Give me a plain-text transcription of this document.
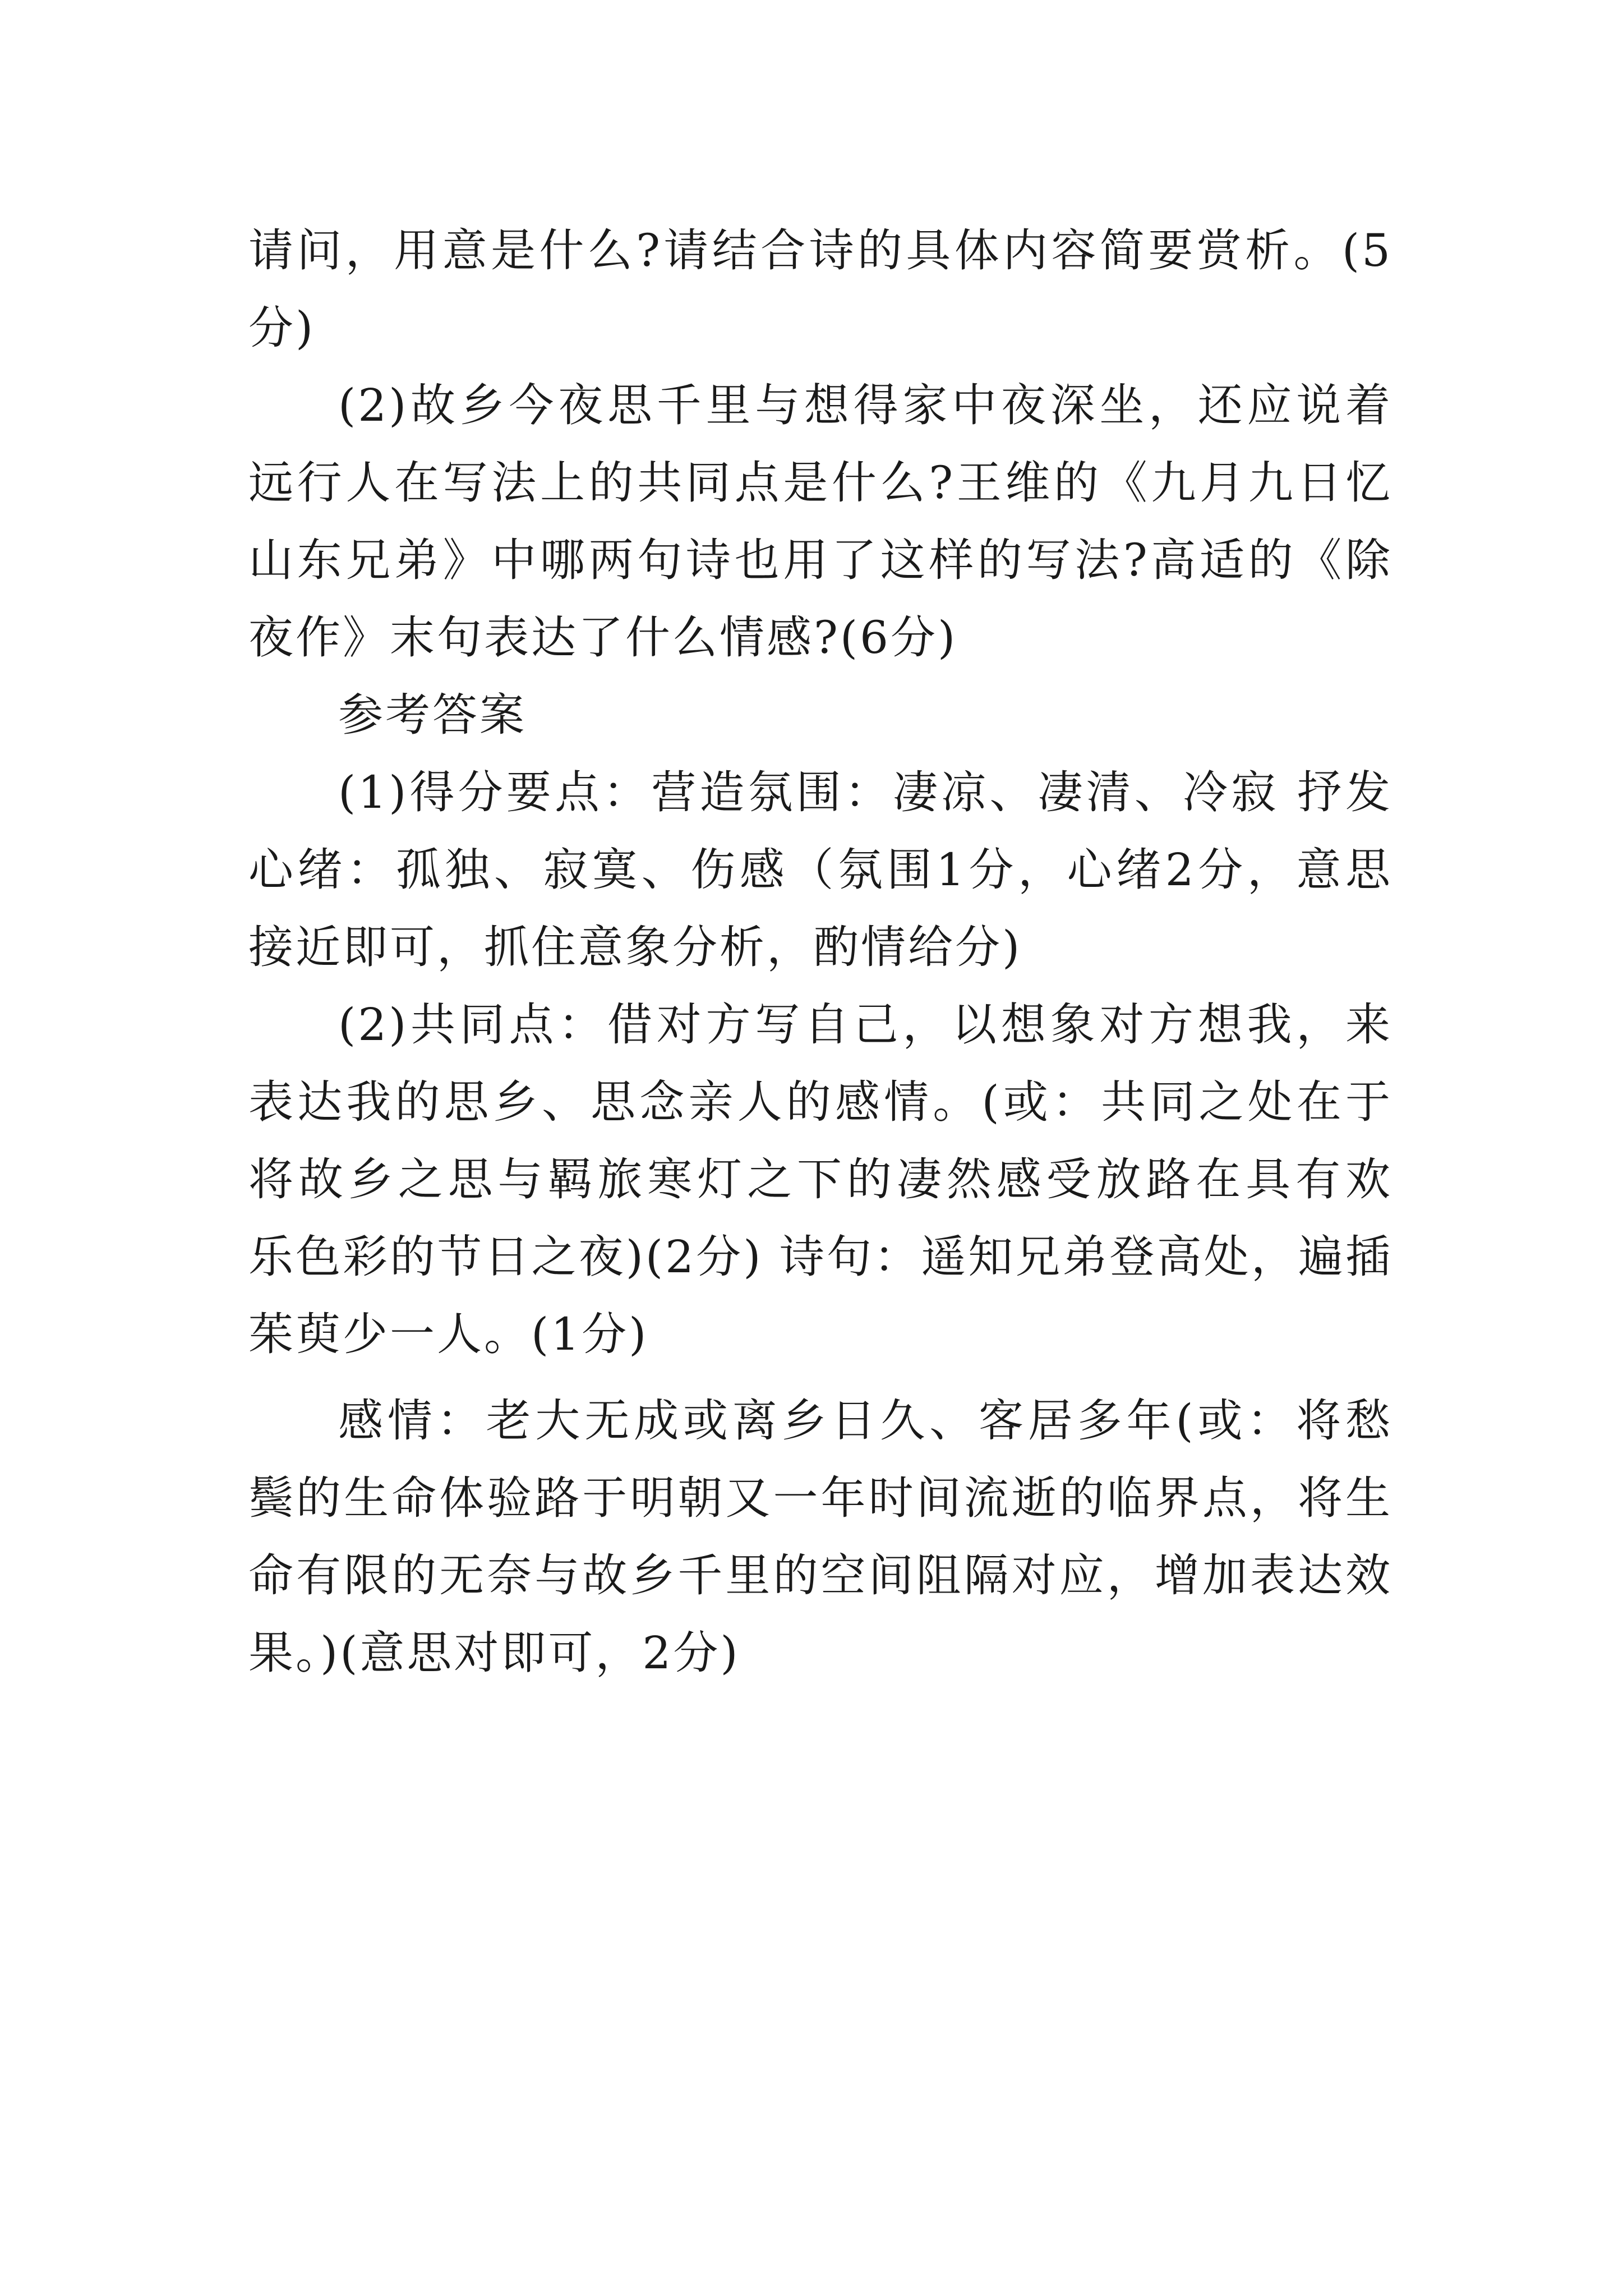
请问，用意是什么?请结合诗的具体内容简要赏析。(5分)

(2)故乡今夜思千里与想得家中夜深坐，还应说着远行人在写法上的共同点是什么?王维的《九月九日忆山东兄弟》中哪两句诗也用了这样的写法?高适的《除夜作》末句表达了什么情感?(6分)

参考答案

(1)得分要点：营造氛围：凄凉、凄清、冷寂 抒发心绪：孤独、寂寞、伤感（氛围1分，心绪2分，意思接近即可，抓住意象分析，酌情给分)

(2)共同点：借对方写自己，以想象对方想我，来表达我的思乡、思念亲人的感情。(或：共同之处在于将故乡之思与羁旅寒灯之下的凄然感受放路在具有欢 乐色彩的节日之夜)(2分) 诗句：遥知兄弟登高处，遍插茱萸少一人。(1分)

感情：老大无成或离乡日久、客居多年(或：将愁鬓的生命体验路于明朝又一年时间流逝的临界点，将生命有限的无奈与故乡千里的空间阻隔对应，增加表达效果。)(意思对即可，2分)
